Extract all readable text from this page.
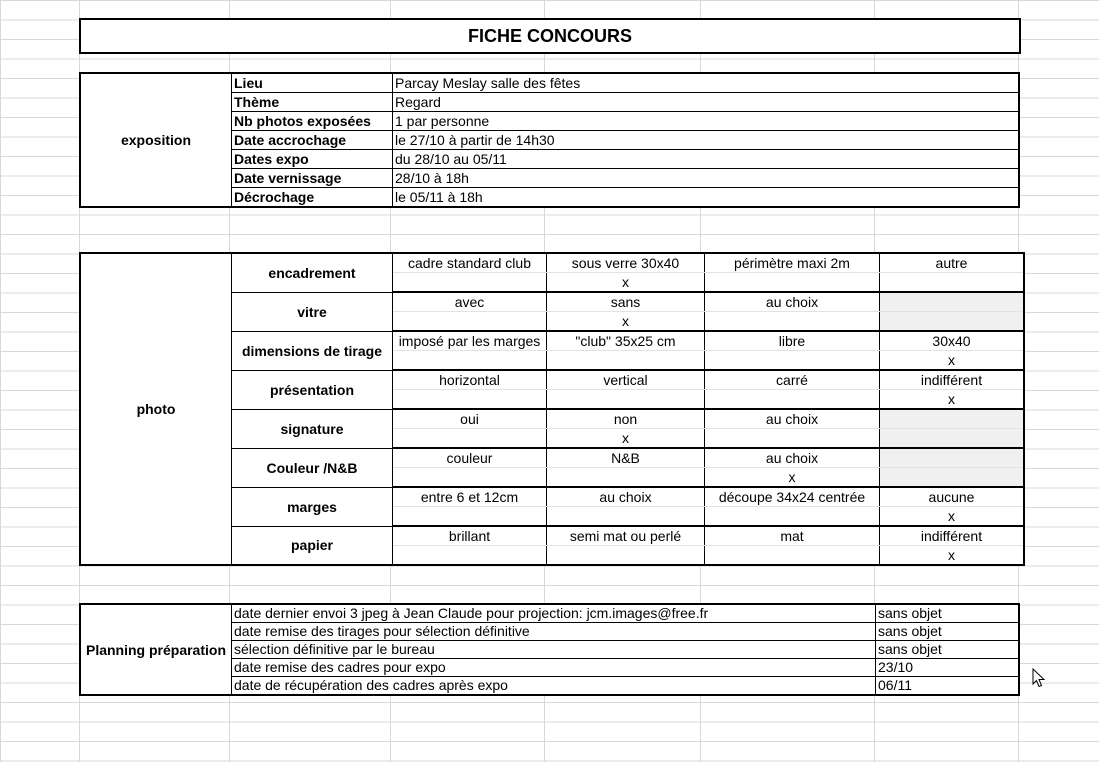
FICHE CONCOURS
exposition	Lieu	Parcay Meslay salle des fêtes
	Thème	Regard
	Nb photos exposées	1 par personne
	Date accrochage	le 27/10 à partir de 14h30
	Dates expo	du 28/10 au 05/11
	Date vernissage	28/10 à 18h
	Décrochage	le 05/11 à 18h
photo	encadrement	cadre standard club	sous verre 30x40	périmètre maxi 2m	autre
			x		
	vitre	avec	sans	au choix	
			x		
	dimensions de tirage	imposé par les marges	"club" 35x25 cm	libre	30x40
					x
	présentation	horizontal	vertical	carré	indifférent
					x
	signature	oui	non	au choix	
			x		
	Couleur /N&B	couleur	N&B	au choix	
				x	
	marges	entre 6 et 12cm	au choix	découpe 34x24 centrée	aucune
					x
	papier	brillant	semi mat ou perlé	mat	indifférent
					x
Planning préparation	date dernier envoi 3 jpeg à Jean Claude pour projection: jcm.images@free.fr	sans objet
	date remise des tirages pour sélection définitive	sans objet
	sélection définitive par le bureau	sans objet
	date remise des cadres pour expo	23/10
	date de récupération des cadres après expo	06/11
